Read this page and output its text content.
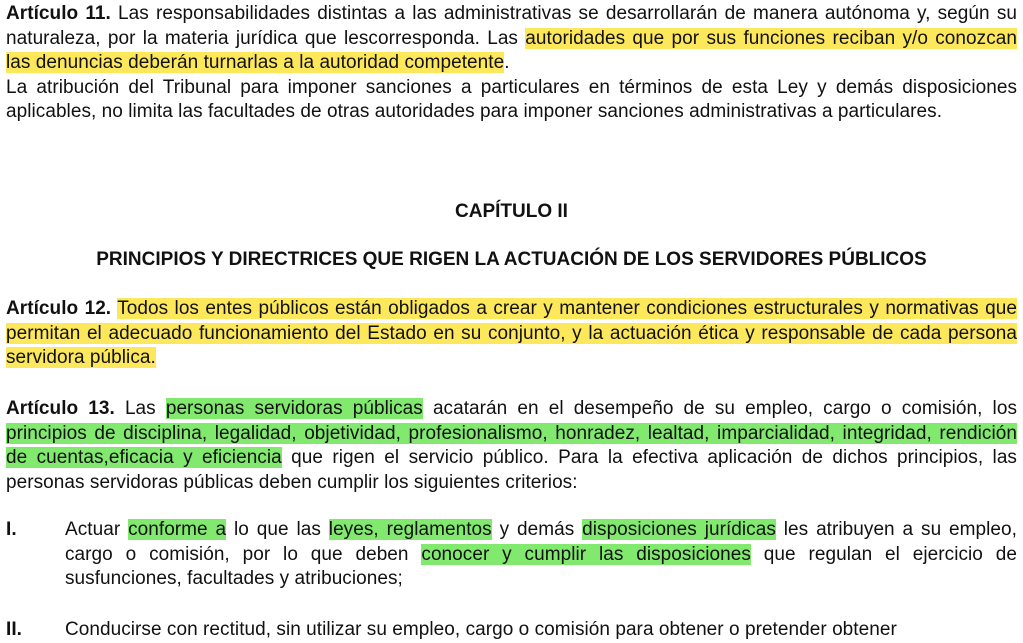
Artículo 11. Las responsabilidades distintas a las administrativas se desarrollarán de manera autónoma y, según su naturaleza, por la materia jurídica que lescorresponda. Las autoridades que por sus funciones reciban y/o conozcan las denuncias deberán turnarlas a la autoridad competente.
La atribución del Tribunal para imponer sanciones a particulares en términos de esta Ley y demás disposiciones aplicables, no limita las facultades de otras autoridades para imponer sanciones administrativas a particulares.

CAPÍTULO II

PRINCIPIOS Y DIRECTRICES QUE RIGEN LA ACTUACIÓN DE LOS SERVIDORES PÚBLICOS

Artículo 12. Todos los entes públicos están obligados a crear y mantener condiciones estructurales y normativas que permitan el adecuado funcionamiento del Estado en su conjunto, y la actuación ética y responsable de cada persona servidora pública.

Artículo 13. Las personas servidoras públicas acatarán en el desempeño de su empleo, cargo o comisión, los principios de disciplina, legalidad, objetividad, profesionalismo, honradez, lealtad, imparcialidad, integridad, rendición de cuentas,eficacia y eficiencia que rigen el servicio público. Para la efectiva aplicación de dichos principios, las personas servidoras públicas deben cumplir los siguientes criterios:

I.	Actuar conforme a lo que las leyes, reglamentos y demás disposiciones jurídicas les atribuyen a su empleo, cargo o comisión, por lo que deben conocer y cumplir las disposiciones que regulan el ejercicio de susfunciones, facultades y atribuciones;
II. Conducirse con rectitud, sin utilizar su empleo, cargo o comisión para obtener o pretender obtener
